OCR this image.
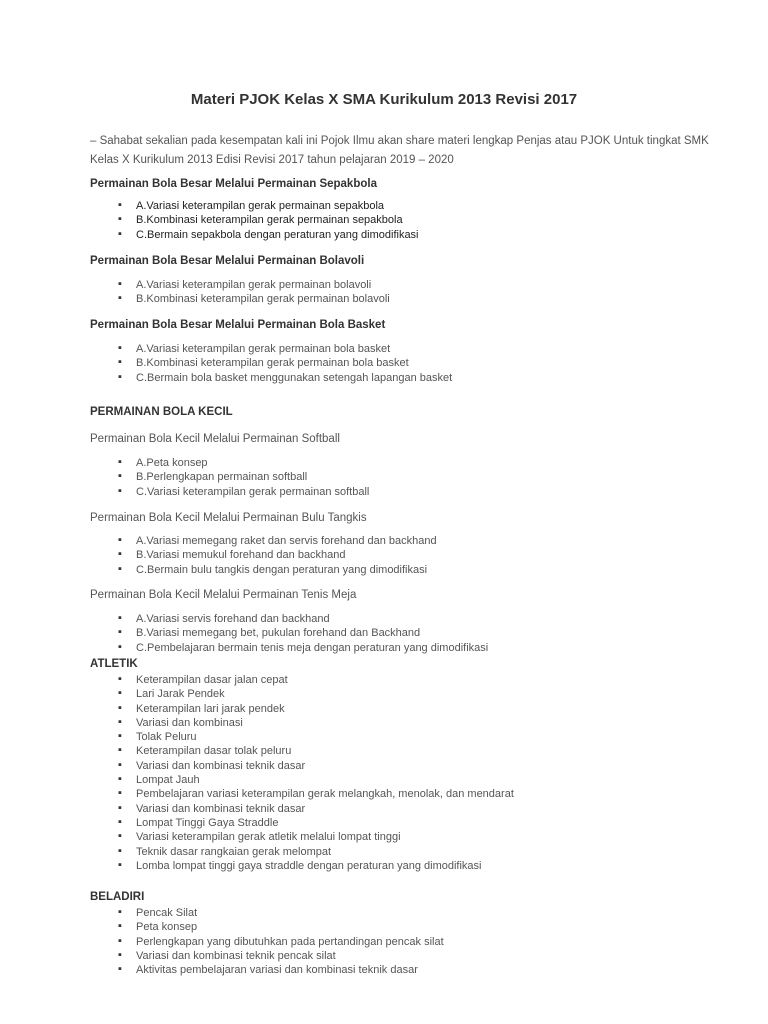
Materi PJOK Kelas X SMA Kurikulum 2013 Revisi 2017
– Sahabat sekalian pada kesempatan kali ini Pojok Ilmu akan share materi lengkap Penjas atau PJOK Untuk tingkat SMK Kelas X Kurikulum 2013 Edisi Revisi 2017 tahun pelajaran 2019 – 2020
Permainan Bola Besar Melalui Permainan Sepakbola
▪ A.Variasi keterampilan gerak permainan sepakbola
▪ B.Kombinasi keterampilan gerak permainan sepakbola
▪ C.Bermain sepakbola dengan peraturan yang dimodifikasi
Permainan Bola Besar Melalui Permainan Bolavoli
▪ A.Variasi keterampilan gerak permainan bolavoli
▪ B.Kombinasi keterampilan gerak permainan bolavoli
Permainan Bola Besar Melalui Permainan Bola Basket
▪ A.Variasi keterampilan gerak permainan bola basket
▪ B.Kombinasi keterampilan gerak permainan bola basket
▪ C.Bermain bola basket menggunakan setengah lapangan basket
PERMAINAN BOLA KECIL
Permainan Bola Kecil Melalui Permainan Softball
▪ A.Peta konsep
▪ B.Perlengkapan permainan softball
▪ C.Variasi keterampilan gerak permainan softball
Permainan Bola Kecil Melalui Permainan Bulu Tangkis
▪ A.Variasi memegang raket dan servis forehand dan backhand
▪ B.Variasi memukul forehand dan backhand
▪ C.Bermain bulu tangkis dengan peraturan yang dimodifikasi
Permainan Bola Kecil Melalui Permainan Tenis Meja
▪ A.Variasi servis forehand dan backhand
▪ B.Variasi memegang bet, pukulan forehand dan Backhand
▪ C.Pembelajaran bermain tenis meja dengan peraturan yang dimodifikasi
ATLETIK
▪ Keterampilan dasar jalan cepat
▪ Lari Jarak Pendek
▪ Keterampilan lari jarak pendek
▪ Variasi dan kombinasi
▪ Tolak Peluru
▪ Keterampilan dasar tolak peluru
▪ Variasi dan kombinasi teknik dasar
▪ Lompat Jauh
▪ Pembelajaran variasi keterampilan gerak melangkah, menolak, dan mendarat
▪ Variasi dan kombinasi teknik dasar
▪ Lompat Tinggi Gaya Straddle
▪ Variasi keterampilan gerak atletik melalui lompat tinggi
▪ Teknik dasar rangkaian gerak melompat
▪ Lomba lompat tinggi gaya straddle dengan peraturan yang dimodifikasi
BELADIRI
▪ Pencak Silat
▪ Peta konsep
▪ Perlengkapan yang dibutuhkan pada pertandingan pencak silat
▪ Variasi dan kombinasi teknik pencak silat
▪ Aktivitas pembelajaran variasi dan kombinasi teknik dasar
